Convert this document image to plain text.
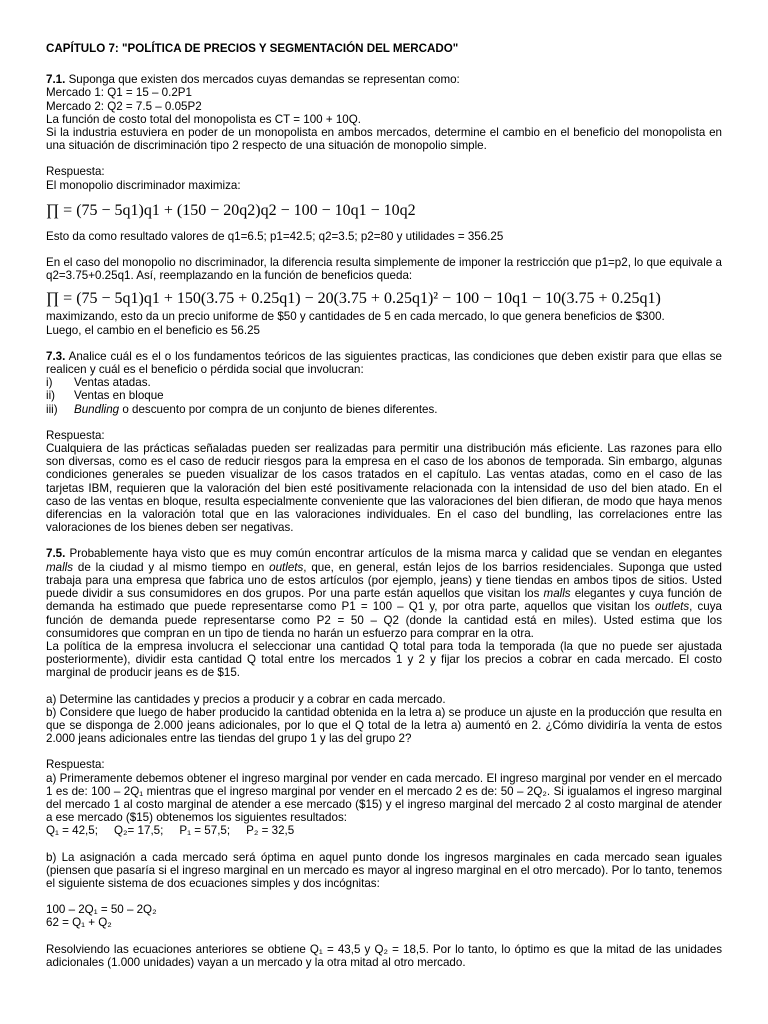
CAPÍTULO 7: "POLÍTICA DE PRECIOS Y SEGMENTACIÓN DEL MERCADO"

7.1. Suponga que existen dos mercados cuyas demandas se representan como:

Mercado 1: Q1 = 15 – 0.2P1

Mercado 2: Q2 = 7.5 – 0.05P2

La función de costo total del monopolista es CT = 100 + 10Q.

Si la industria estuviera en poder de un monopolista en ambos mercados, determine el cambio en el beneficio del monopolista en una situación de discriminación tipo 2 respecto de una situación de monopolio simple.

Respuesta:

El monopolio discriminador maximiza:

∏ = (75 − 5q1)q1 + (150 − 20q2)q2 − 100 − 10q1 − 10q2

Esto da como resultado valores de q1=6.5; p1=42.5; q2=3.5; p2=80 y utilidades = 356.25

En el caso del monopolio no discriminador, la diferencia resulta simplemente de imponer la restricción que p1=p2, lo que equivale a q2=3.75+0.25q1. Así, reemplazando en la función de beneficios queda:

∏ = (75 − 5q1)q1 + 150(3.75 + 0.25q1) − 20(3.75 + 0.25q1)² − 100 − 10q1 − 10(3.75 + 0.25q1)

maximizando, esto da un precio uniforme de $50 y cantidades de 5 en cada mercado, lo que genera beneficios de $300.

Luego, el cambio en el beneficio es 56.25

7.3. Analice cuál es el o los fundamentos teóricos de las siguientes practicas, las condiciones que deben existir para que ellas se realicen y cuál es el beneficio o pérdida social que involucran:

i)	Ventas atadas.
ii)	Ventas en bloque
iii)	Bundling o descuento por compra de un conjunto de bienes diferentes.

Respuesta:

Cualquiera de las prácticas señaladas pueden ser realizadas para permitir una distribución más eficiente. Las razones para ello son diversas, como es el caso de reducir riesgos para la empresa en el caso de los abonos de temporada. Sin embargo, algunas condiciones generales se pueden visualizar de los casos tratados en el capítulo. Las ventas atadas, como en el caso de las tarjetas IBM, requieren que la valoración del bien esté positivamente relacionada con la intensidad de uso del bien atado. En el caso de las ventas en bloque, resulta especialmente conveniente que las valoraciones del bien difieran, de modo que haya menos diferencias en la valoración total que en las valoraciones individuales. En el caso del bundling, las correlaciones entre las valoraciones de los bienes deben ser negativas.

7.5. Probablemente haya visto que es muy común encontrar artículos de la misma marca y calidad que se vendan en elegantes malls de la ciudad y al mismo tiempo en outlets, que, en general, están lejos de los barrios residenciales. Suponga que usted trabaja para una empresa que fabrica uno de estos artículos (por ejemplo, jeans) y tiene tiendas en ambos tipos de sitios. Usted puede dividir a sus consumidores en dos grupos. Por una parte están aquellos que visitan los malls elegantes y cuya función de demanda ha estimado que puede representarse como P1 = 100 – Q1 y, por otra parte, aquellos que visitan los outlets, cuya función de demanda puede representarse como P2 = 50 – Q2 (donde la cantidad está en miles). Usted estima que los consumidores que compran en un tipo de tienda no harán un esfuerzo para comprar en la otra.

La política de la empresa involucra el seleccionar una cantidad Q total para toda la temporada (la que no puede ser ajustada posteriormente), dividir esta cantidad Q total entre los mercados 1 y 2 y fijar los precios a cobrar en cada mercado. El costo marginal de producir jeans es de $15.

a) Determine las cantidades y precios a producir y a cobrar en cada mercado.

b) Considere que luego de haber producido la cantidad obtenida en la letra a) se produce un ajuste en la producción que resulta en que se disponga de 2.000 jeans adicionales, por lo que el Q total de la letra a) aumentó en 2. ¿Cómo dividiría la venta de estos 2.000 jeans adicionales entre las tiendas del grupo 1 y las del grupo 2?

Respuesta:

a) Primeramente debemos obtener el ingreso marginal por vender en cada mercado. El ingreso marginal por vender en el mercado 1 es de: 100 – 2Q₁ mientras que el ingreso marginal por vender en el mercado 2 es de: 50 – 2Q₂. Si igualamos el ingreso marginal del mercado 1 al costo marginal de atender a ese mercado ($15) y el ingreso marginal del mercado 2 al costo marginal de atender a ese mercado ($15) obtenemos los siguientes resultados:

Q₁ = 42,5;     Q₂= 17,5;     P₁ = 57,5;     P₂ = 32,5

b) La asignación a cada mercado será óptima en aquel punto donde los ingresos marginales en cada mercado sean iguales (piensen que pasaría si el ingreso marginal en un mercado es mayor al ingreso marginal en el otro mercado). Por lo tanto, tenemos el siguiente sistema de dos ecuaciones simples y dos incógnitas:

100 – 2Q₁ = 50 – 2Q₂

62 = Q₁ + Q₂

Resolviendo las ecuaciones anteriores se obtiene Q₁ = 43,5 y Q₂ = 18,5. Por lo tanto, lo óptimo es que la mitad de las unidades adicionales (1.000 unidades) vayan a un mercado y la otra mitad al otro mercado.
